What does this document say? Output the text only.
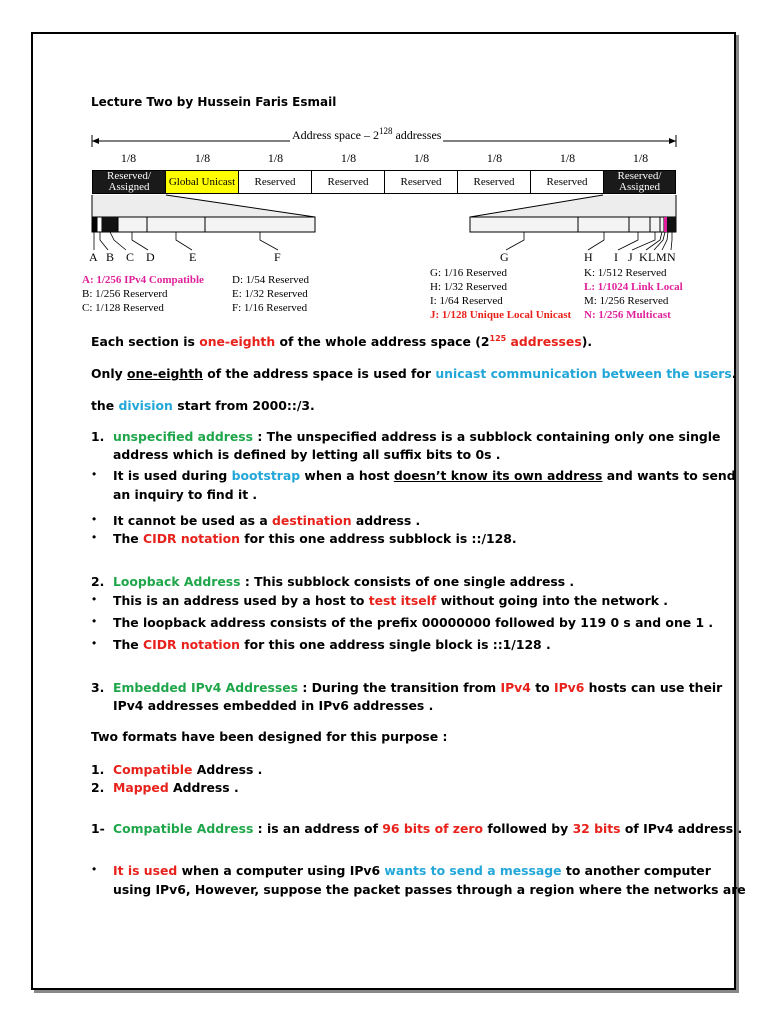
Lecture Two by Hussein Faris Esmail
Address space – $2^{128}$ addresses
1/8	1/8	1/8	1/8	1/8	1/8	1/8	1/8
Reserved/ Assigned	Global Unicast	Reserved	Reserved	Reserved	Reserved	Reserved	Reserved/ Assigned
A B C D	E	F	G	H I J K L M N
A: 1/256 IPv4 Compatible
B: 1/256 Reserverd
C: 1/128 Reserved
D: 1/54 Reserved
E: 1/32 Reserved
F: 1/16 Reserved
G: 1/16 Reserved
H: 1/32 Reserved
I: 1/64 Reserved
J: 1/128 Unique Local Unicast
K: 1/512 Reserved
L: 1/1024 Link Local
M: 1/256 Reserved
N: 1/256 Multicast
Each section is one-eighth of the whole address space ($2^{125}$ addresses).
Only one-eighth of the address space is used for unicast communication between the users.
the division start from 2000::/3.
1. unspecified address : The unspecified address is a subblock containing only one single
address which is defined by letting all suffix bits to 0s .
• It is used during bootstrap when a host doesn’t know its own address and wants to send
an inquiry to find it .
• It cannot be used as a destination address .
• The CIDR notation for this one address subblock is ::/128.
2. Loopback Address : This subblock consists of one single address .
• This is an address used by a host to test itself without going into the network .
• The loopback address consists of the prefix 00000000 followed by 119 0 s and one 1 .
• The CIDR notation for this one address single block is ::1/128 .
3. Embedded IPv4 Addresses : During the transition from IPv4 to IPv6 hosts can use their
IPv4 addresses embedded in IPv6 addresses .
Two formats have been designed for this purpose :
1. Compatible Address .
2. Mapped Address .
1- Compatible Address : is an address of 96 bits of zero followed by 32 bits of IPv4 address .
• It is used when a computer using IPv6 wants to send a message to another computer
using IPv6, However, suppose the packet passes through a region where the networks are
